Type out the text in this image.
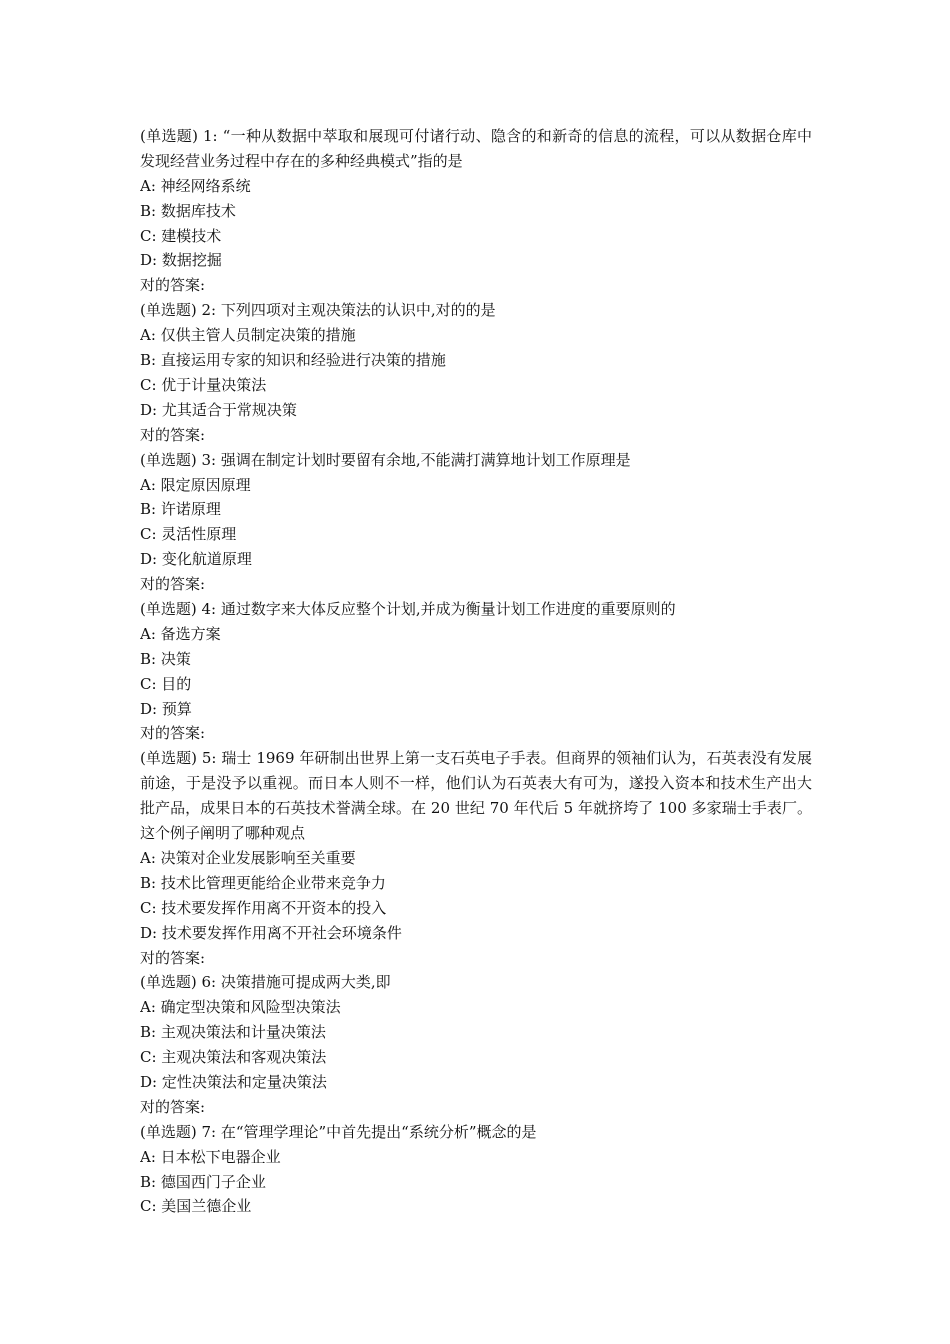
(单选题) 1: “一种从数据中萃取和展现可付诸行动、隐含的和新奇的信息的流程，可以从数据仓库中发现经营业务过程中存在的多种经典模式”指的是
A: 神经网络系统
B: 数据库技术
C: 建模技术
D: 数据挖掘
对的答案:
(单选题) 2: 下列四项对主观决策法的认识中,对的的是
A: 仅供主管人员制定决策的措施
B: 直接运用专家的知识和经验进行决策的措施
C: 优于计量决策法
D: 尤其适合于常规决策
对的答案:
(单选题) 3: 强调在制定计划时要留有余地,不能满打满算地计划工作原理是
A: 限定原因原理
B: 许诺原理
C: 灵活性原理
D: 变化航道原理
对的答案:
(单选题) 4: 通过数字来大体反应整个计划,并成为衡量计划工作进度的重要原则的
A: 备选方案
B: 决策
C: 目的
D: 预算
对的答案:
(单选题) 5: 瑞士 1969 年研制出世界上第一支石英电子手表。但商界的领袖们认为，石英表没有发展前途，于是没予以重视。而日本人则不一样，他们认为石英表大有可为，遂投入资本和技术生产出大批产品，成果日本的石英技术誉满全球。在 20 世纪 70 年代后 5 年就挤垮了 100 多家瑞士手表厂。这个例子阐明了哪种观点
A: 决策对企业发展影响至关重要
B: 技术比管理更能给企业带来竞争力
C: 技术要发挥作用离不开资本的投入
D: 技术要发挥作用离不开社会环境条件
对的答案:
(单选题) 6: 决策措施可提成两大类,即
A: 确定型决策和风险型决策法
B: 主观决策法和计量决策法
C: 主观决策法和客观决策法
D: 定性决策法和定量决策法
对的答案:
(单选题) 7: 在“管理学理论”中首先提出“系统分析”概念的是
A: 日本松下电器企业
B: 德国西门子企业
C: 美国兰德企业
